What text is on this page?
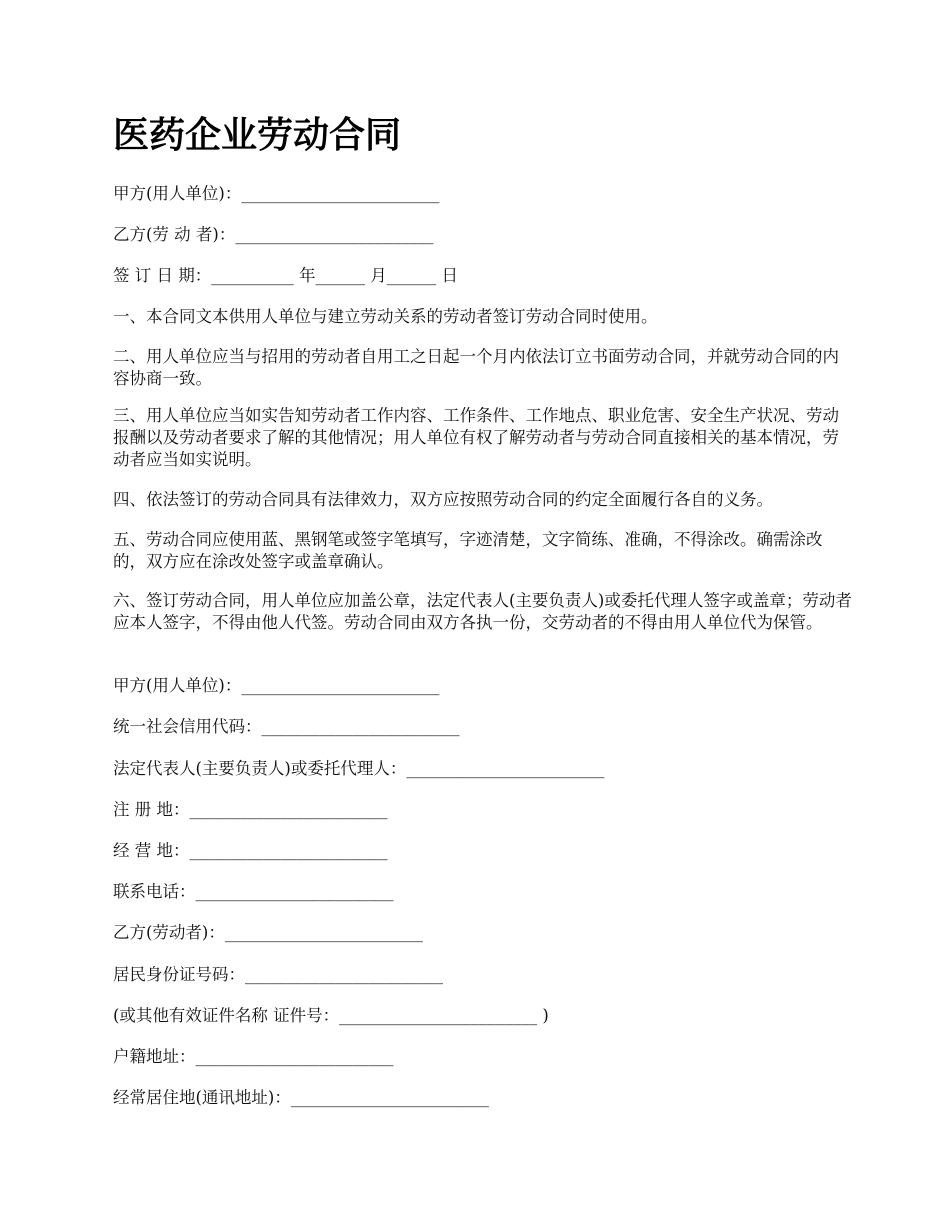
医药企业劳动合同
甲方(用人单位)：________________________
乙方(劳 动 者)：________________________
签 订 日 期：__________ 年______ 月______ 日
一、本合同文本供用人单位与建立劳动关系的劳动者签订劳动合同时使用。
二、用人单位应当与招用的劳动者自用工之日起一个月内依法订立书面劳动合同，并就劳动合同的内容协商一致。
三、用人单位应当如实告知劳动者工作内容、工作条件、工作地点、职业危害、安全生产状况、劳动报酬以及劳动者要求了解的其他情况；用人单位有权了解劳动者与劳动合同直接相关的基本情况，劳动者应当如实说明。
四、依法签订的劳动合同具有法律效力，双方应按照劳动合同的约定全面履行各自的义务。
五、劳动合同应使用蓝、黑钢笔或签字笔填写，字迹清楚，文字简练、准确，不得涂改。确需涂改的，双方应在涂改处签字或盖章确认。
六、签订劳动合同，用人单位应加盖公章，法定代表人(主要负责人)或委托代理人签字或盖章；劳动者应本人签字，不得由他人代签。劳动合同由双方各执一份，交劳动者的不得由用人单位代为保管。
甲方(用人单位)：________________________
统一社会信用代码：________________________
法定代表人(主要负责人)或委托代理人：________________________
注 册 地：________________________
经 营 地：________________________
联系电话：________________________
乙方(劳动者)：________________________
居民身份证号码：________________________
(或其他有效证件名称 证件号：________________________ )
户籍地址：________________________
经常居住地(通讯地址)：________________________
